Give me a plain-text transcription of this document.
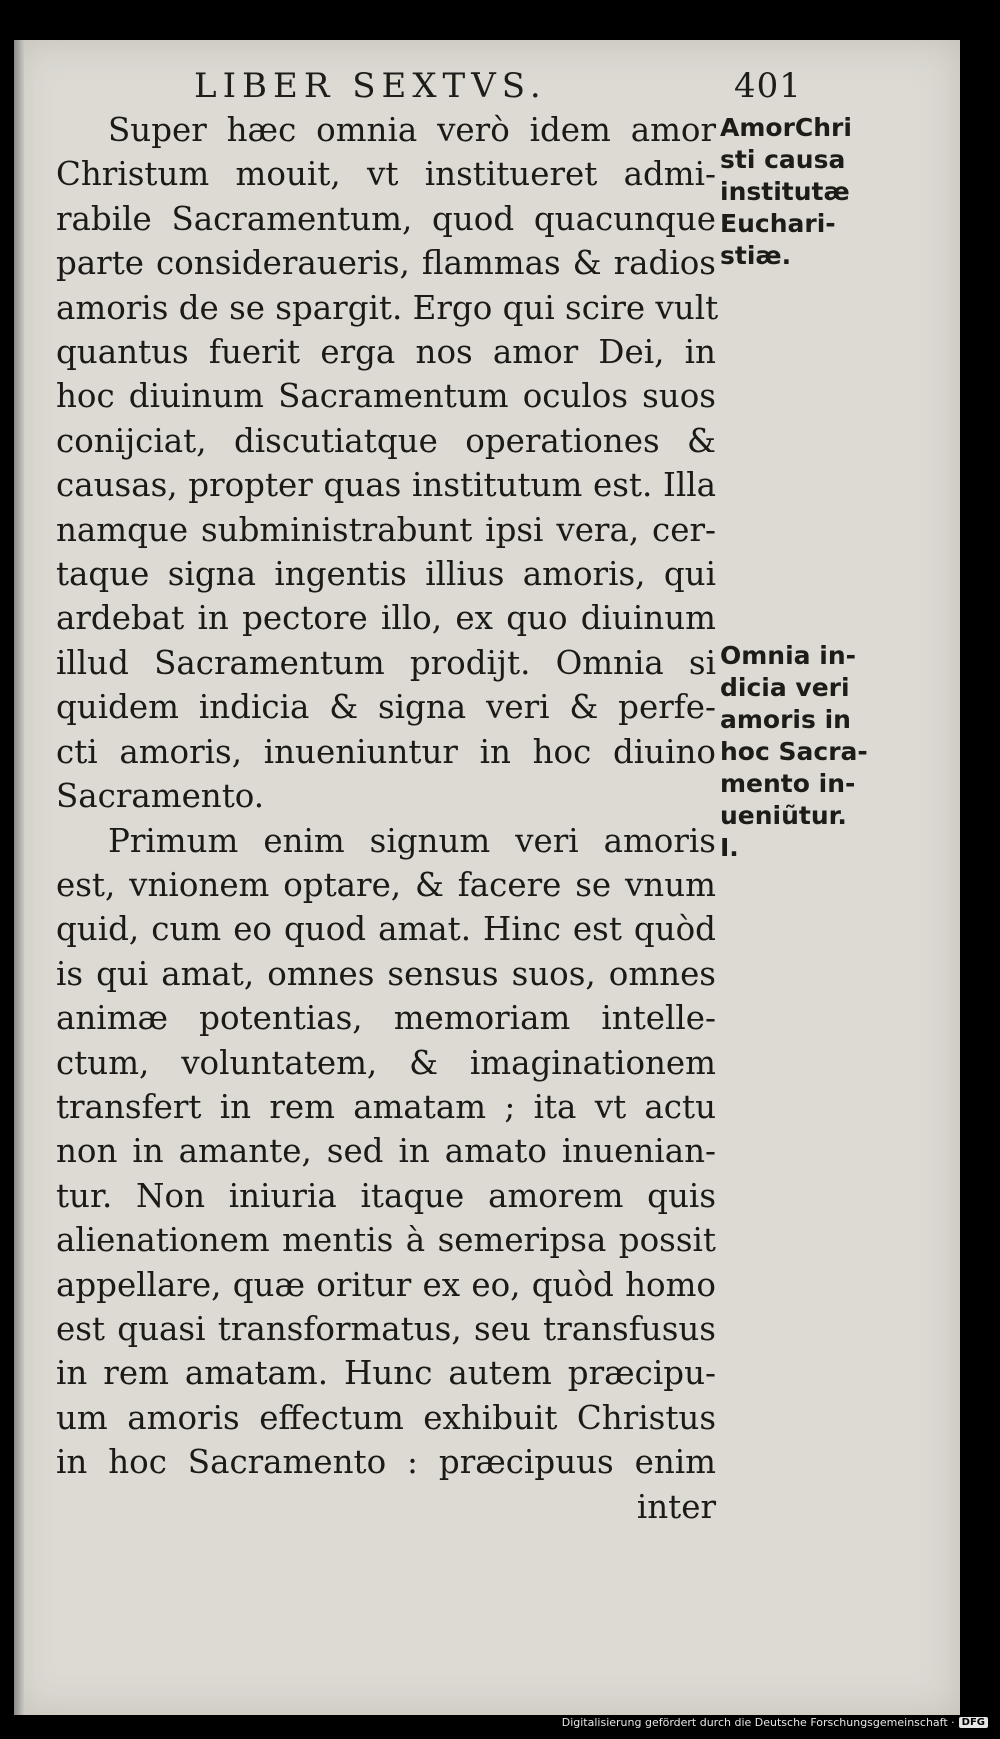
LIBER SEXTVS.	401
Super hæc omnia verò idem amor
Christum mouit, vt institueret admi-
rabile Sacramentum, quod quacunque
parte consideraueris, flammas & radios
amoris de se spargit. Ergo qui scire vult
quantus fuerit erga nos amor Dei, in
hoc diuinum Sacramentum oculos suos
conijciat, discutiatque operationes &
causas, propter quas institutum est. Illa
namque subministrabunt ipsi vera, cer-
taque signa ingentis illius amoris, qui
ardebat in pectore illo, ex quo diuinum
illud Sacramentum prodijt. Omnia si
quidem indicia & signa veri & perfe-
cti amoris, inueniuntur in hoc diuino
Sacramento.
Primum enim signum veri amoris
est, vnionem optare, & facere se vnum
quid, cum eo quod amat. Hinc est quòd
is qui amat, omnes sensus suos, omnes
animæ potentias, memoriam intelle-
ctum, voluntatem, & imaginationem
transfert in rem amatam ; ita vt actu
non in amante, sed in amato inuenian-
tur. Non iniuria itaque amorem quis
alienationem mentis à semeripsa possit
appellare, quæ oritur ex eo, quòd homo
est quasi transformatus, seu transfusus
in rem amatam. Hunc autem præcipu-
um amoris effectum exhibuit Christus
in hoc Sacramento : præcipuus enim
inter
AmorChri
sti causa
institutæ
Euchari-
stiæ.
Omnia in-
dicia veri
amoris in
hoc Sacra-
mento in-
ueniũtur.
I.
Digitalisierung gefördert durch die Deutsche Forschungsgemeinschaft · DFG
